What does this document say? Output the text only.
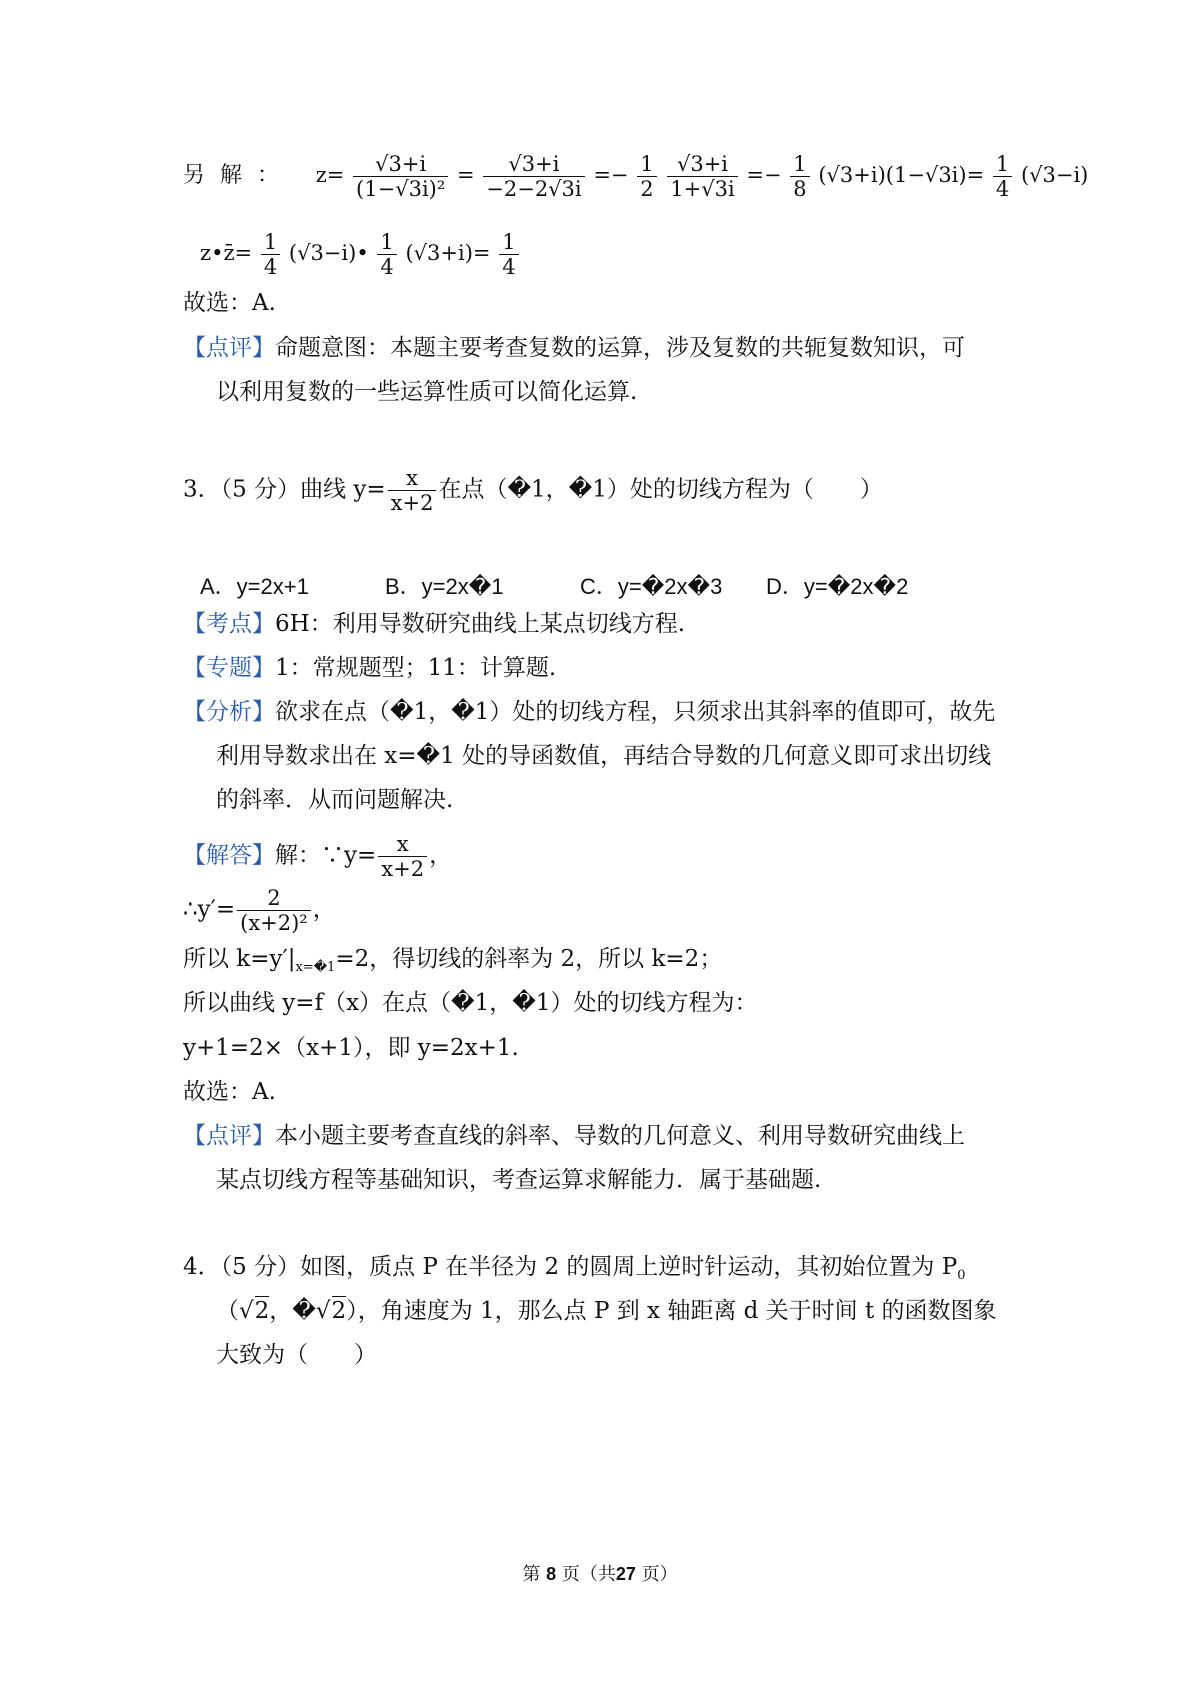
另 解 ： $z= \frac{√3+i}{\text{(1−√3i)²}} = \frac{√3+i}{-2-2√3i} =- \frac{1}{2}$
$\frac{√3+i}{1+√3i} =- \frac{1}{8} (√3+i)(1-√3i)= \frac{1}{4} (√3-i)$
z•z̄= $\frac{1}{4}$ (√3−i)• $\frac{1}{4} (√3+i)= \frac{1}{4}$
故选：A.
【点评】命题意图：本题主要考查复数的运算，涉及复数的共轭复数知识，可
以利用复数的一些运算性质可以简化运算.
3．（5 分）曲线 $y= \frac{x}{x+2}$ 在点（�1，�1）处的切线方程为（　　）
A．y=2x+1	B．y=2x�1	C．y=�2x�3 D．y=�2x�2
【考点】6H：利用导数研究曲线上某点切线方程.
【专题】1：常规题型；11：计算题.
【分析】欲求在点（�1，�1）处的切线方程，只须求出其斜率的值即可，故先
利用导数求出在 x=�1 处的导函数值，再结合导数的几何意义即可求出切线
的斜率．从而问题解决.
【解答】解：∵y= $\frac{x}{x+2}$ ，
∴y′= $\frac{2}{\text{(x+2)²}}$ ，
所以 $k=y'|_{x=�1}=2$，得切线的斜率为 2，所以 k=2；
所以曲线 y=f（x）在点（�1，�1）处的切线方程为：
y+1=2×（x+1），即 y=2x+1.
故选：A.
【点评】本小题主要考查直线的斜率、导数的几何意义、利用导数研究曲线上
某点切线方程等基础知识，考查运算求解能力．属于基础题.
4．（5 分）如图，质点 P 在半径为 2 的圆周上逆时针运动，其初始位置为 $P_0$
（√2，�√2），角速度为 1，那么点 P 到 x 轴距离 d 关于时间 t 的函数图象
大致为（　　）
第 8 页（共27 页）
